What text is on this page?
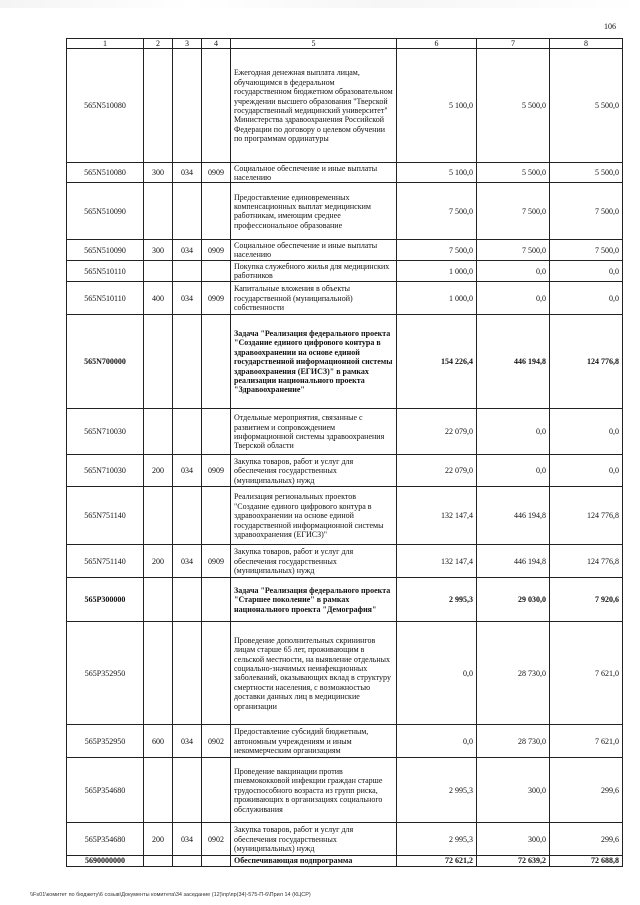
106
1	2	3	4	5	6	7	8
565N510080				Ежегодная денежная выплата лицам, обучающимся в федеральном государственном бюджетном образовательном учреждении высшего образования "Тверской государственный медицинский университет" Министерства здравоохранения Российской Федерации по договору о целевом обучении по программам ординатуры	5 100,0	5 500,0	5 500,0
565N510080	300	034	0909	Социальное обеспечение и иные выплаты населению	5 100,0	5 500,0	5 500,0
565N510090				Предоставление единовременных компенсационных выплат медицинским работникам, имеющим среднее профессиональное образование	7 500,0	7 500,0	7 500,0
565N510090	300	034	0909	Социальное обеспечение и иные выплаты населению	7 500,0	7 500,0	7 500,0
565N510110				Покупка служебного жилья для медицинских работников	1 000,0	0,0	0,0
565N510110	400	034	0909	Капитальные вложения в объекты государственной (муниципальной) собственности	1 000,0	0,0	0,0
565N700000				Задача "Реализация федерального проекта "Создание единого цифрового контура в здравоохранении на основе единой государственной информационной системы здравоохранения (ЕГИСЗ)" в рамках реализации национального проекта "Здравоохранение"	154 226,4	446 194,8	124 776,8
565N710030				Отдельные мероприятия, связанные с развитием и сопровождением информационной системы здравоохранения Тверской области	22 079,0	0,0	0,0
565N710030	200	034	0909	Закупка товаров, работ и услуг для обеспечения государственных (муниципальных) нужд	22 079,0	0,0	0,0
565N751140				Реализация региональных проектов "Создание единого цифрового контура в здравоохранении на основе единой государственной информационной системы здравоохранения (ЕГИСЗ)"	132 147,4	446 194,8	124 776,8
565N751140	200	034	0909	Закупка товаров, работ и услуг для обеспечения государственных (муниципальных) нужд	132 147,4	446 194,8	124 776,8
565P300000				Задача "Реализация федерального проекта "Старшее поколение" в рамках национального проекта "Демография"	2 995,3	29 030,0	7 920,6
565P352950				Проведение дополнительных скринингов лицам старше 65 лет, проживающим в сельской местности, на выявление отдельных социально-значимых неинфекционных заболеваний, оказывающих вклад в структуру смертности населения, с возможностью доставки данных лиц в медицинские организации	0,0	28 730,0	7 621,0
565P352950	600	034	0902	Предоставление субсидий бюджетным, автономным учреждениям и иным некоммерческим организациям	0,0	28 730,0	7 621,0
565P354680				Проведение вакцинации против пневмококковой инфекции граждан старше трудоспособного возраста из групп риска, проживающих в организациях социального обслуживания	2 995,3	300,0	299,6
565P354680	200	034	0902	Закупка товаров, работ и услуг для обеспечения государственных (муниципальных) нужд	2 995,3	300,0	299,6
5690000000				Обеспечивающая подпрограмма	72 621,2	72 639,2	72 688,8
\\Fs01\комитет по бюджету\6 созыв\Документы комитета\34 заседание (12)\пр\пр(34)-575-П-6\Прил 14 (КЦСР)
